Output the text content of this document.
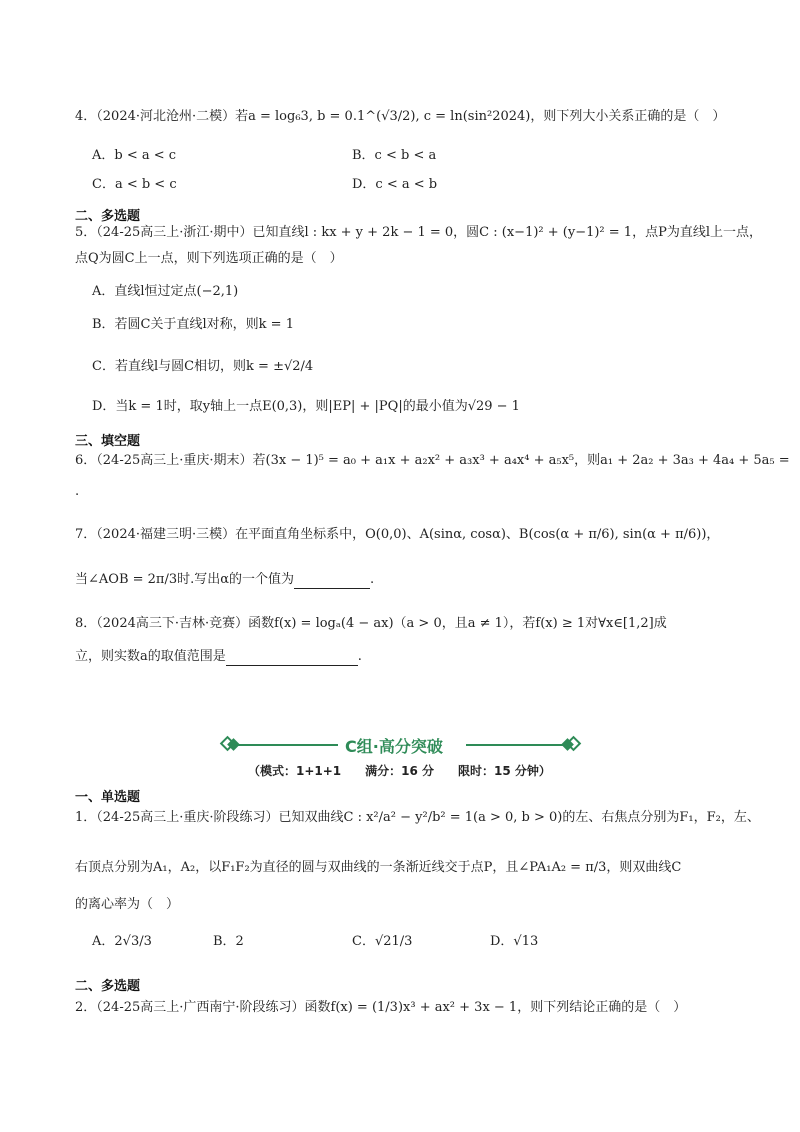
4．（2024·河北沧州·二模）若a = log₆3, b = 0.1^(√3/2), c = ln(sin²2024)，则下列大小关系正确的是（　）
A．b < a < c	B．c < b < a
C．a < b < c	D．c < a < b
二、多选题
5．（24-25高三上·浙江·期中）已知直线l : kx + y + 2k − 1 = 0，圆C : (x−1)² + (y−1)² = 1，点P为直线l上一点，
点Q为圆C上一点，则下列选项正确的是（　）
A．直线l恒过定点(−2,1)
B．若圆C关于直线l对称，则k = 1
C．若直线l与圆C相切，则k = ±√2/4
D．当k = 1时，取y轴上一点E(0,3)，则|EP| + |PQ|的最小值为√29 − 1
三、填空题
6．（24-25高三上·重庆·期末）若(3x − 1)⁵ = a₀ + a₁x + a₂x² + a₃x³ + a₄x⁴ + a₅x⁵，则a₁ + 2a₂ + 3a₃ + 4a₄ + 5a₅ =
.
7．（2024·福建三明·三模）在平面直角坐标系中，O(0,0)、A(sinα, cosα)、B(cos(α + π/6), sin(α + π/6))，
当∠AOB = 2π/3时.写出α的一个值为	.
8．（2024高三下·吉林·竞赛）函数f(x) = logₐ(4 − ax)（a > 0，且a ≠ 1），若f(x) ≥ 1对∀x∈[1,2]成
立，则实数a的取值范围是	.
C组·高分突破
（模式：1+1+1　　满分：16 分　　限时：15 分钟）
一、单选题
1．（24-25高三上·重庆·阶段练习）已知双曲线C : x²/a² − y²/b² = 1(a > 0, b > 0)的左、右焦点分别为F₁，F₂，左、
右顶点分别为A₁，A₂，以F₁F₂为直径的圆与双曲线的一条渐近线交于点P，且∠PA₁A₂ = π/3，则双曲线C
的离心率为（　）
A．2√3/3	B．2	C．√21/3	D．√13
二、多选题
2．（24-25高三上·广西南宁·阶段练习）函数f(x) = (1/3)x³ + ax² + 3x − 1，则下列结论正确的是（　）
